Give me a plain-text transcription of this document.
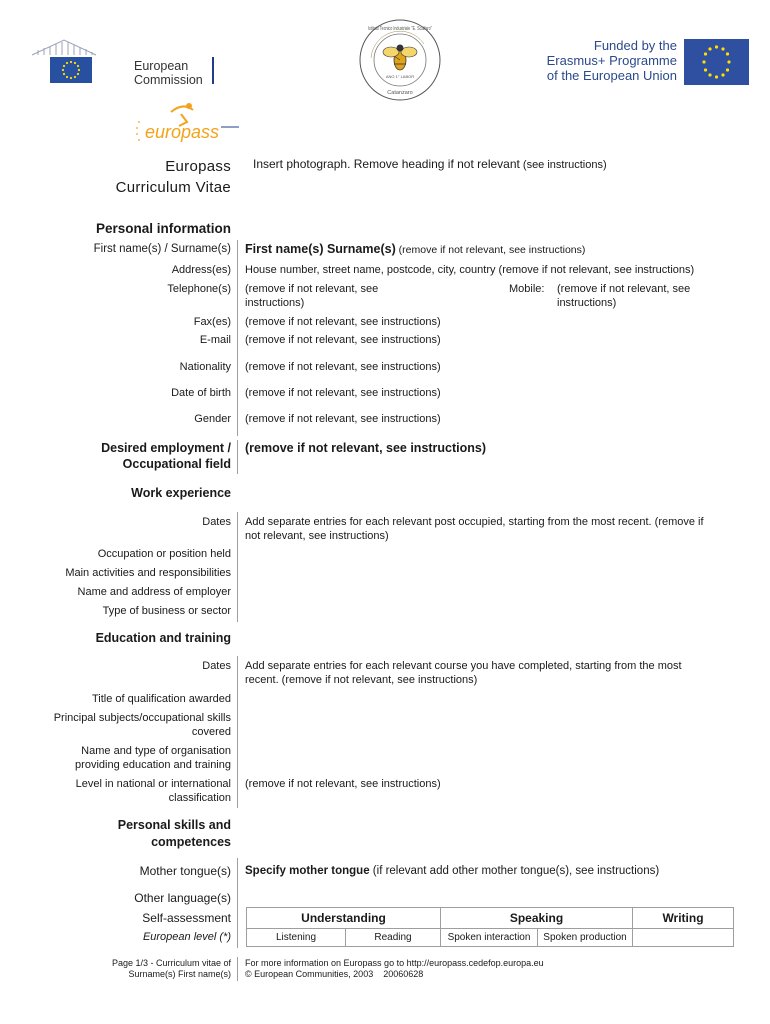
European
Commission
Istituto Tecnico Industriale "E. Scalfaro"
ANO 1° LABOR
Catanzaro
Funded by the
Erasmus+ Programme
of the European Union
europass
Europass
Curriculum Vitae
Insert photograph. Remove heading if not relevant (see instructions)
Personal information
First name(s) / Surname(s) First name(s) Surname(s) (remove if not relevant, see instructions)
Address(es) House number, street name, postcode, city, country (remove if not relevant, see instructions)
Telephone(s) (remove if not relevant, see instructions)
Mobile: (remove if not relevant, see instructions)
Fax(es) (remove if not relevant, see instructions)
E-mail (remove if not relevant, see instructions)
Nationality (remove if not relevant, see instructions)
Date of birth (remove if not relevant, see instructions)
Gender (remove if not relevant, see instructions)
Desired employment /
Occupational field
(remove if not relevant, see instructions)
Work experience
Dates Add separate entries for each relevant post occupied, starting from the most recent. (remove if not relevant, see instructions)
Occupation or position held
Main activities and responsibilities
Name and address of employer
Type of business or sector
Education and training
Dates Add separate entries for each relevant course you have completed, starting from the most recent. (remove if not relevant, see instructions)
Title of qualification awarded
Principal subjects/occupational skills covered
Name and type of organisation providing education and training
Level in national or international classification
(remove if not relevant, see instructions)
Personal skills and
competences
Mother tongue(s) Specify mother tongue (if relevant add other mother tongue(s), see instructions)
Other language(s)
Self-assessment
European level (*)
Understanding		Speaking		Writing
Listening	Reading	Spoken interaction	Spoken production	
Page 1/3 - Curriculum vitae of
Surname(s) First name(s)
For more information on Europass go to http://europass.cedefop.europa.eu
© European Communities, 2003    20060628
